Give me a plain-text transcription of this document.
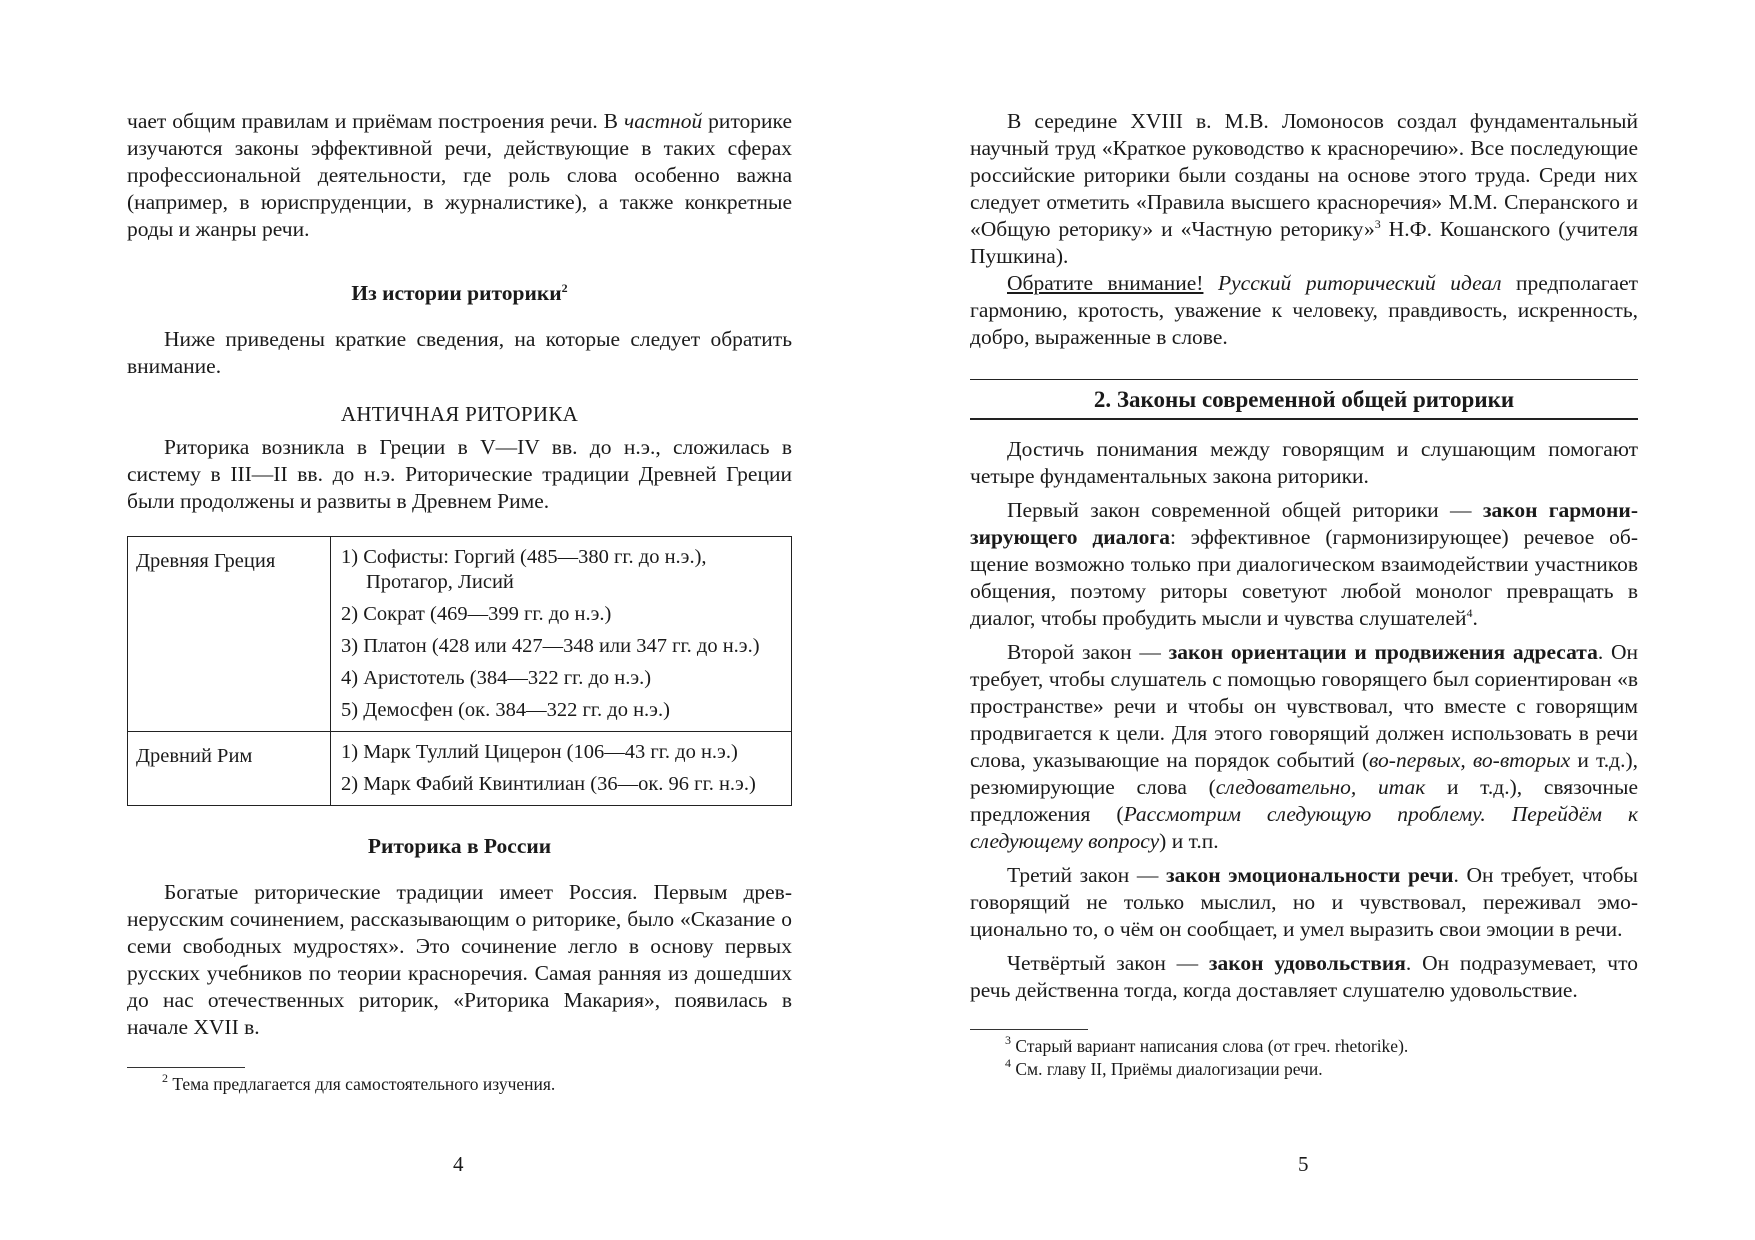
чает общим правилам и приёмам построения речи. В частной риторике изучаются законы эффективной речи, действующие в таких сферах профессиональной деятельности, где роль слова особенно важна (например, в юриспруденции, в журналистике), а также конкретные роды и жанры речи.

Из истории риторики$^2$

Ниже приведены краткие сведения, на которые следует обратить внимание.

АНТИЧНАЯ РИТОРИКА

Риторика возникла в Греции в V—IV вв. до н.э., сложилась в систему в III—II вв. до н.э. Риторические традиции Древней Греции были продолжены и развиты в Древнем Риме.

Древняя Греция	1) Софисты: Горгий (485—380 гг. до н.э.), Протагор, Лисий
2) Сократ (469—399 гг. до н.э.)
3) Платон (428 или 427—348 или 347 гг. до н.э.)
4) Аристотель (384—322 гг. до н.э.)
5) Демосфен (ок. 384—322 гг. до н.э.)

Древний Рим	1) Марк Туллий Цицерон (106—43 гг. до н.э.)
2) Марк Фабий Квинтилиан (36—ок. 96 гг. н.э.)

Риторика в России

Богатые риторические традиции имеет Россия. Первым древнерусским сочинением, рассказывающим о риторике, было «Сказание о семи свободных мудростях». Это сочинение легло в основу первых русских учебников по теории красноречия. Самая ранняя из дошедших до нас отечественных риторик, «Риторика Макария», появилась в начале XVII в.

$^2$ Тема предлагается для самостоятельного изучения.

4

В середине XVIII в. М.В. Ломоносов создал фундаментальный научный труд «Краткое руководство к красноречию». Все последующие российские риторики были созданы на основе этого труда. Среди них следует отметить «Правила высшего красноречия» М.М. Сперанского и «Общую реторику» и «Частную реторику»$^3$ Н.Ф. Кошанского (учителя Пушкина).

Обратите внимание! Русский риторический идеал предполагает гармонию, кротость, уважение к человеку, правдивость, искренность, добро, выраженные в слове.

2. Законы современной общей риторики

Достичь понимания между говорящим и слушающим помогают четыре фундаментальных закона риторики.

Первый закон современной общей риторики — закон гармонизирующего диалога: эффективное (гармонизирующее) речевое общение возможно только при диалогическом взаимодействии участников общения, поэтому риторы советуют любой монолог превращать в диалог, чтобы пробудить мысли и чувства слушателей$^4$.

Второй закон — закон ориентации и продвижения адресата. Он требует, чтобы слушатель с помощью говорящего был сориентирован «в пространстве» речи и чтобы он чувствовал, что вместе с говорящим продвигается к цели. Для этого говорящий должен использовать в речи слова, указывающие на порядок событий (во-первых, во-вторых и т.д.), резюмирующие слова (следовательно, итак и т.д.), связочные предложения (Рассмотрим следующую проблему. Перейдём к следующему вопросу) и т.п.

Третий закон — закон эмоциональности речи. Он требует, чтобы говорящий не только мыслил, но и чувствовал, переживал эмоционально то, о чём он сообщает, и умел выразить свои эмоции в речи.

Четвёртый закон — закон удовольствия. Он подразумевает, что речь действенна тогда, когда доставляет слушателю удовольствие.

$^3$ Старый вариант написания слова (от греч. rhetorike).

$^4$ См. главу II, Приёмы диалогизации речи.

5
